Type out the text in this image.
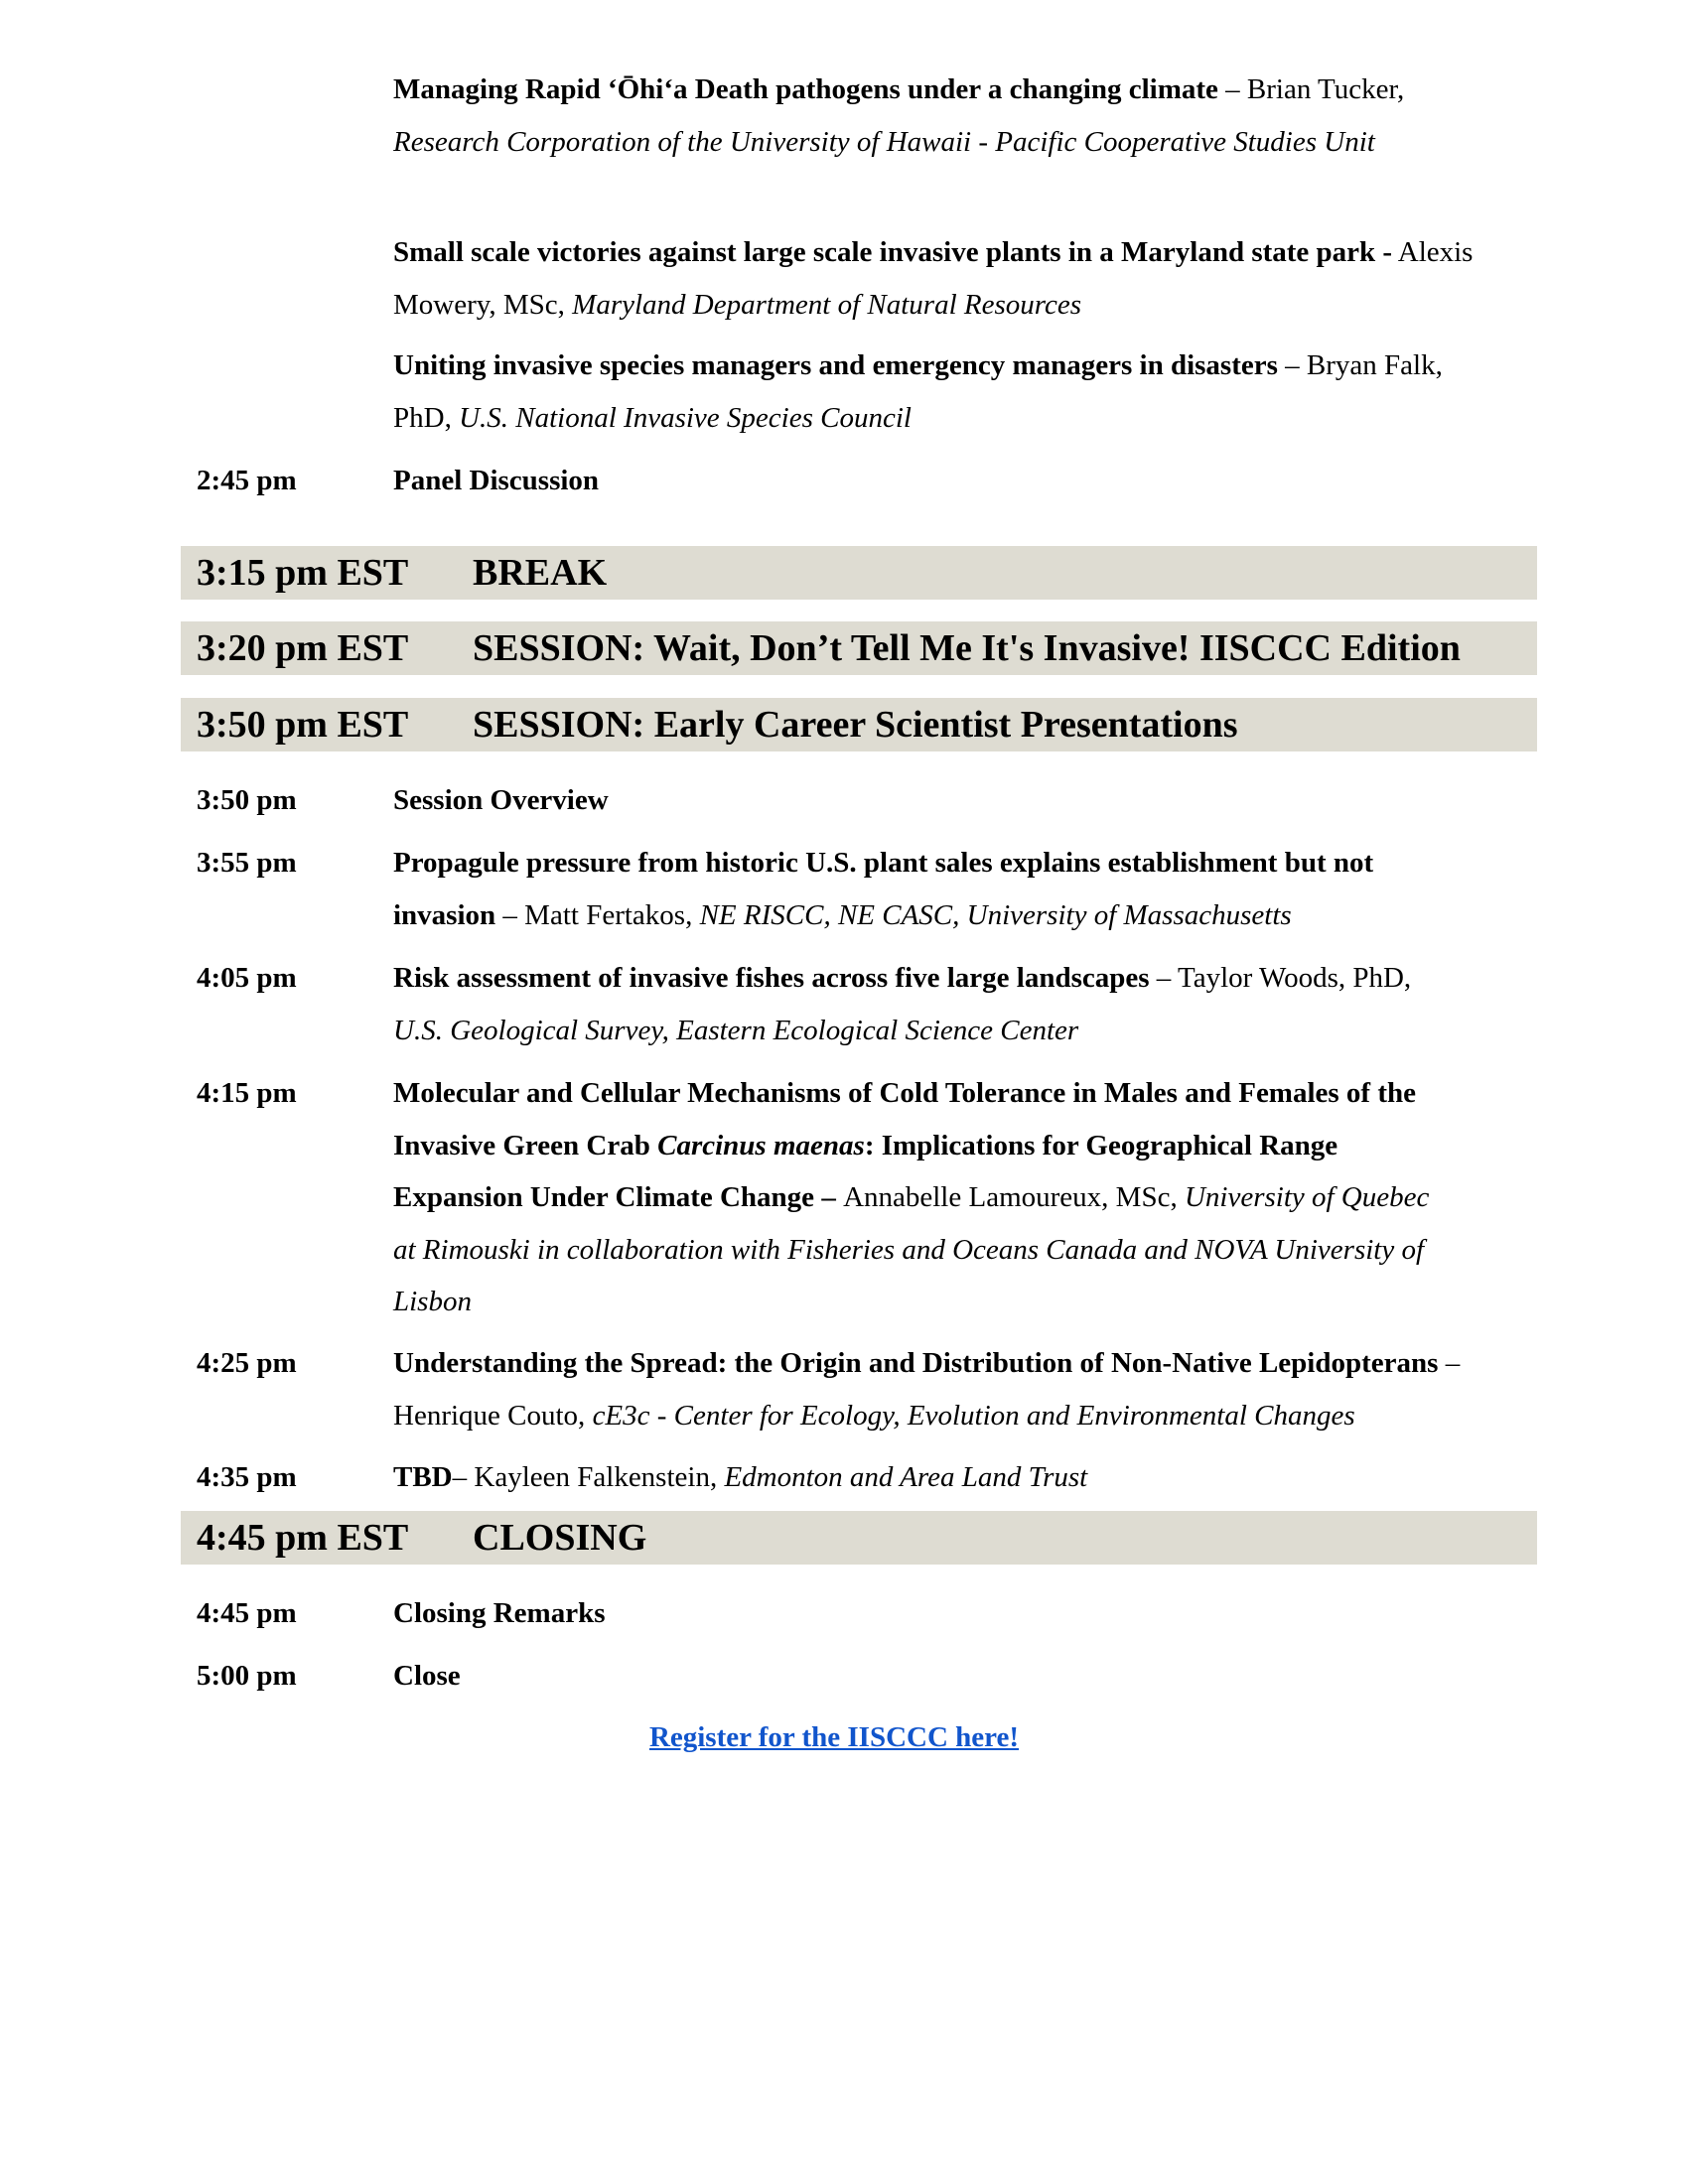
Managing Rapid ‘Ōhi‘a Death pathogens under a changing climate – Brian Tucker, Research Corporation of the University of Hawaii - Pacific Cooperative Studies Unit
Small scale victories against large scale invasive plants in a Maryland state park - Alexis Mowery, MSc, Maryland Department of Natural Resources
Uniting invasive species managers and emergency managers in disasters – Bryan Falk, PhD, U.S. National Invasive Species Council
2:45 pm	Panel Discussion
3:15 pm EST BREAK
3:20 pm EST SESSION: Wait, Don’t Tell Me It's Invasive! IISCCC Edition
3:50 pm EST SESSION: Early Career Scientist Presentations
3:50 pm	Session Overview
3:55 pm	Propagule pressure from historic U.S. plant sales explains establishment but not invasion – Matt Fertakos, NE RISCC, NE CASC, University of Massachusetts
4:05 pm	Risk assessment of invasive fishes across five large landscapes – Taylor Woods, PhD, U.S. Geological Survey, Eastern Ecological Science Center
4:15 pm	Molecular and Cellular Mechanisms of Cold Tolerance in Males and Females of the Invasive Green Crab Carcinus maenas: Implications for Geographical Range Expansion Under Climate Change – Annabelle Lamoureux, MSc, University of Quebec at Rimouski in collaboration with Fisheries and Oceans Canada and NOVA University of Lisbon
4:25 pm	Understanding the Spread: the Origin and Distribution of Non-Native Lepidopterans – Henrique Couto, cE3c - Center for Ecology, Evolution and Environmental Changes
4:35 pm	TBD– Kayleen Falkenstein, Edmonton and Area Land Trust
4:45 pm EST CLOSING
4:45 pm	Closing Remarks
5:00 pm	Close
Register for the IISCCC here!
